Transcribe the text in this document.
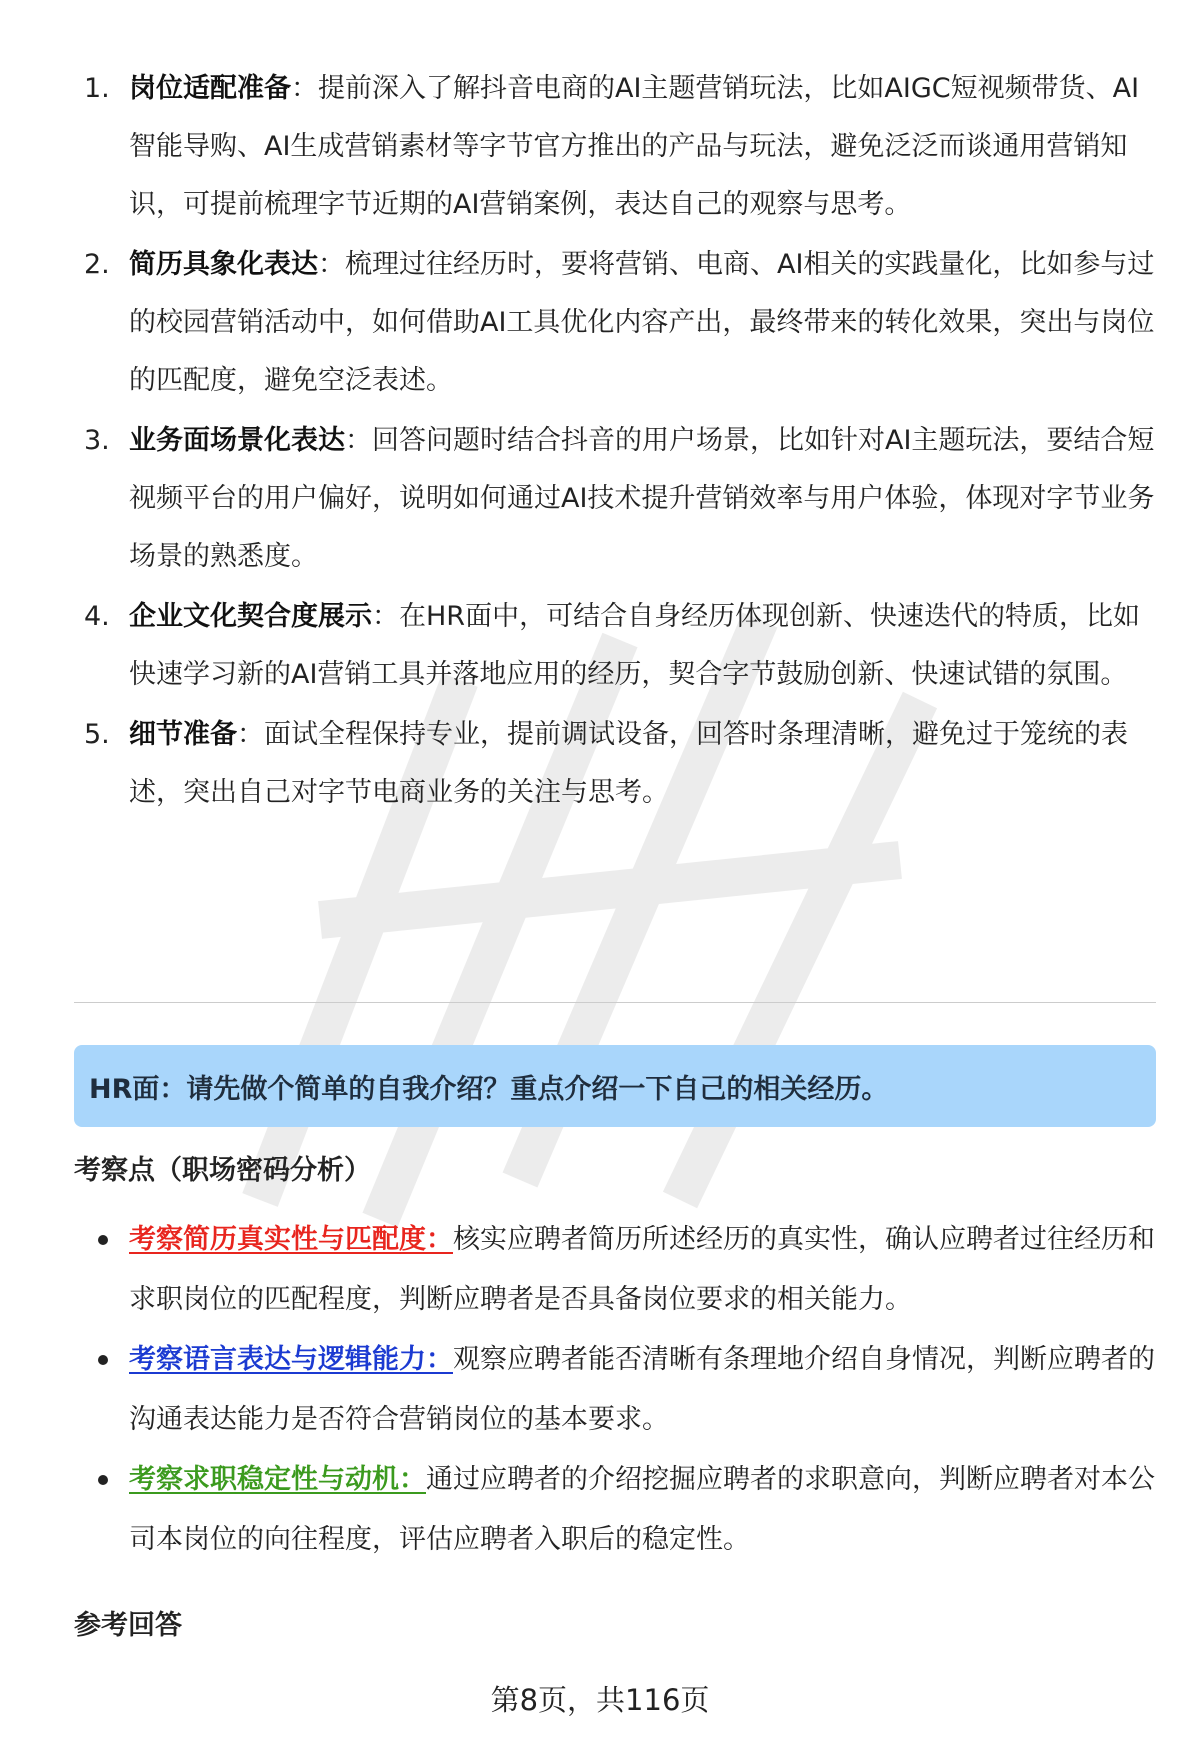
1. 岗位适配准备：提前深入了解抖音电商的AI主题营销玩法，比如AIGC短视频带货、AI智能导购、AI生成营销素材等字节官方推出的产品与玩法，避免泛泛而谈通用营销知识，可提前梳理字节近期的AI营销案例，表达自己的观察与思考。
2. 简历具象化表达：梳理过往经历时，要将营销、电商、AI相关的实践量化，比如参与过的校园营销活动中，如何借助AI工具优化内容产出，最终带来的转化效果，突出与岗位的匹配度，避免空泛表述。
3. 业务面场景化表达：回答问题时结合抖音的用户场景，比如针对AI主题玩法，要结合短视频平台的用户偏好，说明如何通过AI技术提升营销效率与用户体验，体现对字节业务场景的熟悉度。
4. 企业文化契合度展示：在HR面中，可结合自身经历体现创新、快速迭代的特质，比如快速学习新的AI营销工具并落地应用的经历，契合字节鼓励创新、快速试错的氛围。
5. 细节准备：面试全程保持专业，提前调试设备，回答时条理清晰，避免过于笼统的表述，突出自己对字节电商业务的关注与思考。
HR面：请先做个简单的自我介绍？重点介绍一下自己的相关经历。
考察点（职场密码分析）
考察简历真实性与匹配度：核实应聘者简历所述经历的真实性，确认应聘者过往经历和求职岗位的匹配程度，判断应聘者是否具备岗位要求的相关能力。
考察语言表达与逻辑能力：观察应聘者能否清晰有条理地介绍自身情况，判断应聘者的沟通表达能力是否符合营销岗位的基本要求。
考察求职稳定性与动机：通过应聘者的介绍挖掘应聘者的求职意向，判断应聘者对本公司本岗位的向往程度，评估应聘者入职后的稳定性。
参考回答
第8页，共116页
